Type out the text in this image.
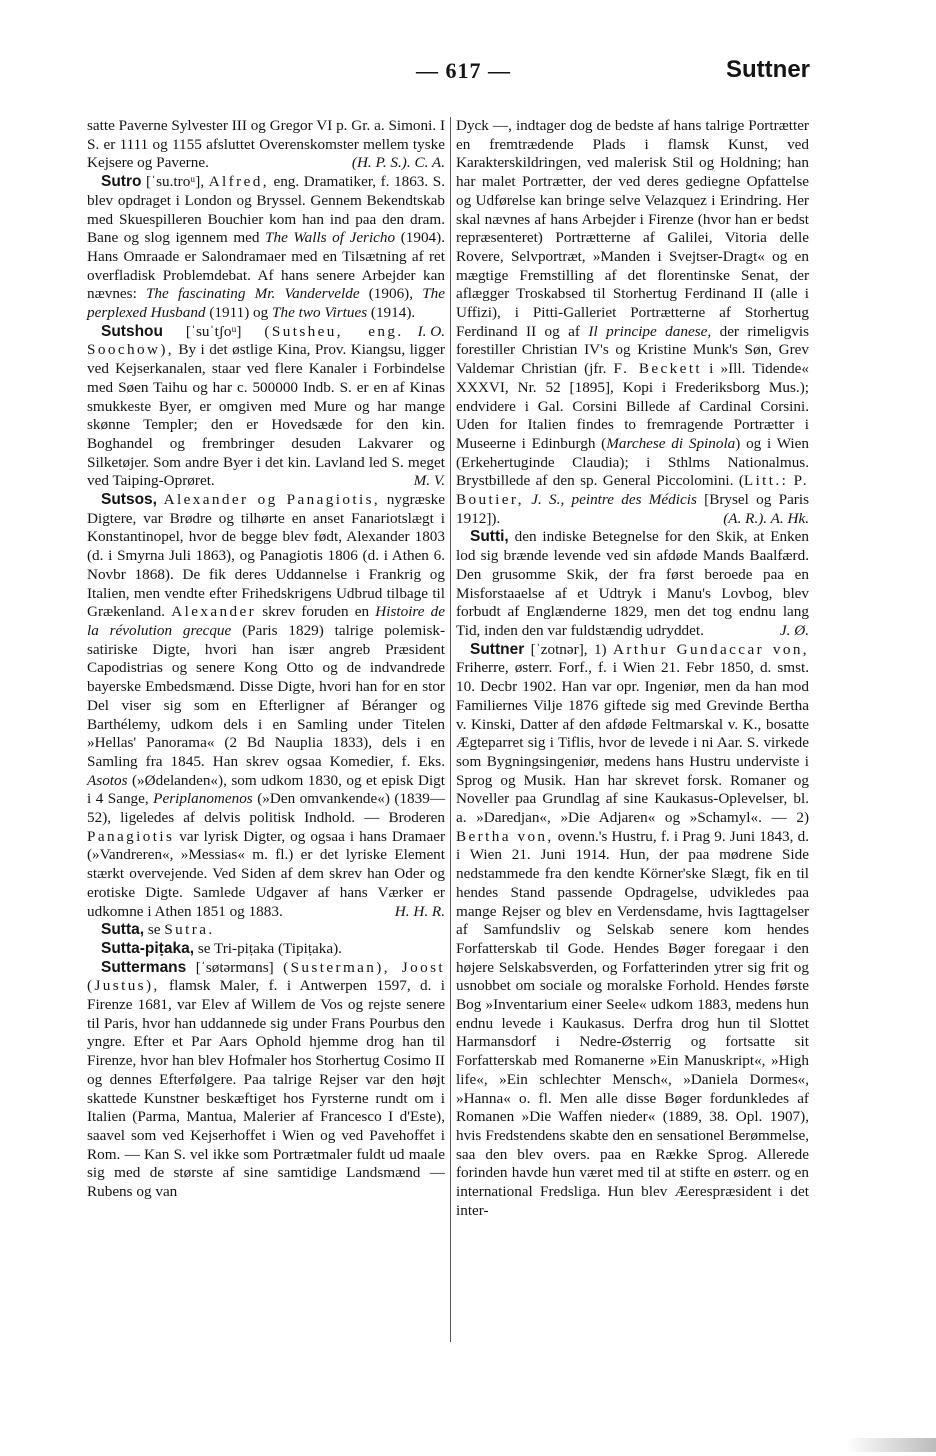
— 617 —	Suttner

satte Paverne Sylvester III og Gregor VI p. Gr. a. Simoni. I S. er 1111 og 1155 afsluttet Overenskomster mellem tyske Kejsere og Paverne.	(H. P. S.). C. A.

Sutro [ˈsu.troᵘ], Alfred, eng. Dramatiker, f. 1863. S. blev opdraget i London og Bryssel. Gennem Bekendtskab med Skuespilleren Bouchier kom han ind paa den dram. Bane og slog igennem med The Walls of Jericho (1904). Hans Omraade er Salondramaer med en Tilsætning af ret overfladisk Problemdebat. Af hans senere Arbejder kan nævnes: The fascinating Mr. Vandervelde (1906), The perplexed Husband (1911) og The two Virtues (1914).
I. O.

Sutshou [ˈsuˈtʃoᵘ] (Sutsheu, eng. Soochow), By i det østlige Kina, Prov. Kiangsu, ligger ved Kejserkanalen, staar ved flere Kanaler i Forbindelse med Søen Taihu og har c. 500000 Indb. S. er en af Kinas smukkeste Byer, er omgiven med Mure og har mange skønne Templer; den er Hovedsæde for den kin. Boghandel og frembringer desuden Lakvarer og Silketøjer. Som andre Byer i det kin. Lavland led S. meget ved Taiping-Oprøret.	M. V.

Sutsos, Alexander og Panagiotis, nygræske Digtere, var Brødre og tilhørte en anset Fanariotslægt i Konstantinopel, hvor de begge blev født, Alexander 1803 (d. i Smyrna Juli 1863), og Panagiotis 1806 (d. i Athen 6. Novbr 1868). De fik deres Uddannelse i Frankrig og Italien, men vendte efter Frihedskrigens Udbrud tilbage til Grækenland. Alexander skrev foruden en Histoire de la révolution grecque (Paris 1829) talrige polemisk-satiriske Digte, hvori han især angreb Præsident Capodistrias og senere Kong Otto og de indvandrede bayerske Embedsmænd. Disse Digte, hvori han for en stor Del viser sig som en Efterligner af Béranger og Barthélemy, udkom dels i en Samling under Titelen »Hellas' Panorama« (2 Bd Nauplia 1833), dels i en Samling fra 1845. Han skrev ogsaa Komedier, f. Eks. Asotos (»Ødelanden«), som udkom 1830, og et episk Digt i 4 Sange, Periplanomenos (»Den omvankende«) (1839—52), ligeledes af delvis politisk Indhold. — Broderen Panagiotis var lyrisk Digter, og ogsaa i hans Dramaer (»Vandreren«, »Messias« m. fl.) er det lyriske Element stærkt overvejende. Ved Siden af dem skrev han Oder og erotiske Digte. Samlede Udgaver af hans Værker er udkomne i Athen 1851 og 1883.	H. H. R.

Sutta, se Sutra.

Sutta-piṭaka, se Tri-piṭaka (Tipiṭaka).

Suttermans [ˈsøtərmɑns] (Susterman), Joost (Justus), flamsk Maler, f. i Antwerpen 1597, d. i Firenze 1681, var Elev af Willem de Vos og rejste senere til Paris, hvor han uddannede sig under Frans Pourbus den yngre. Efter et Par Aars Ophold hjemme drog han til Firenze, hvor han blev Hofmaler hos Storhertug Cosimo II og dennes Efterfølgere. Paa talrige Rejser var den højt skattede Kunstner beskæftiget hos Fyrsterne rundt om i Italien (Parma, Mantua, Malerier af Francesco I d'Este), saavel som ved Kejserhoffet i Wien og ved Pavehoffet i Rom. — Kan S. vel ikke som Portrætmaler fuldt ud maale sig med de største af sine samtidige Landsmænd — Rubens og van

Dyck —, indtager dog de bedste af hans talrige Portrætter en fremtrædende Plads i flamsk Kunst, ved Karakterskildringen, ved malerisk Stil og Holdning; han har malet Portrætter, der ved deres gediegne Opfattelse og Udførelse kan bringe selve Velazquez i Erindring. Her skal nævnes af hans Arbejder i Firenze (hvor han er bedst repræsenteret) Portrætterne af Galilei, Vitoria delle Rovere, Selvportræt, »Manden i Svejtser-Dragt« og en mægtige Fremstilling af det florentinske Senat, der aflægger Troskabsed til Storhertug Ferdinand II (alle i Uffizi), i Pitti-Galleriet Portrætterne af Storhertug Ferdinand II og af Il principe danese, der rimeligvis forestiller Christian IV's og Kristine Munk's Søn, Grev Valdemar Christian (jfr. F. Beckett i »Ill. Tidende« XXXVI, Nr. 52 [1895], Kopi i Frederiksborg Mus.); endvidere i Gal. Corsini Billede af Cardinal Corsini. Uden for Italien findes to fremragende Portrætter i Museerne i Edinburgh (Marchese di Spinola) og i Wien (Erkehertuginde Claudia); i Sthlms Nationalmus. Brystbillede af den sp. General Piccolomini. (Litt.: P. Boutier, J. S., peintre des Médicis [Brysel og Paris 1912]).	(A. R.). A. Hk.

Sutti, den indiske Betegnelse for den Skik, at Enken lod sig brænde levende ved sin afdøde Mands Baalfærd. Den grusomme Skik, der fra først beroede paa en Misforstaaelse af et Udtryk i Manu's Lovbog, blev forbudt af Englænderne 1829, men det tog endnu lang Tid, inden den var fuldstændig udryddet.	J. Ø.

Suttner [ˈzotnər], 1) Arthur Gundaccar von, Friherre, østerr. Forf., f. i Wien 21. Febr 1850, d. smst. 10. Decbr 1902. Han var opr. Ingeniør, men da han mod Familiernes Vilje 1876 giftede sig med Grevinde Bertha v. Kinski, Datter af den afdøde Feltmarskal v. K., bosatte Ægteparret sig i Tiflis, hvor de levede i ni Aar. S. virkede som Bygningsingeniør, medens hans Hustru underviste i Sprog og Musik. Han har skrevet forsk. Romaner og Noveller paa Grundlag af sine Kaukasus-Oplevelser, bl. a. »Daredjan«, »Die Adjaren« og »Schamyl«. — 2) Bertha von, ovenn.'s Hustru, f. i Prag 9. Juni 1843, d. i Wien 21. Juni 1914. Hun, der paa mødrene Side nedstammede fra den kendte Körner'ske Slægt, fik en til hendes Stand passende Opdragelse, udvikledes paa mange Rejser og blev en Verdensdame, hvis Iagttagelser af Samfundsliv og Selskab senere kom hendes Forfatterskab til Gode. Hendes Bøger foregaar i den højere Selskabsverden, og Forfatterinden ytrer sig frit og usnobbet om sociale og moralske Forhold. Hendes første Bog »Inventarium einer Seele« udkom 1883, medens hun endnu levede i Kaukasus. Derfra drog hun til Slottet Harmansdorf i Nedre-Østerrig og fortsatte sit Forfatterskab med Romanerne »Ein Manuskript«, »High life«, »Ein schlechter Mensch«, »Daniela Dormes«, »Hanna« o. fl. Men alle disse Bøger fordunkledes af Romanen »Die Waffen nieder« (1889, 38. Opl. 1907), hvis Fredstendens skabte den en sensationel Berømmelse, saa den blev overs. paa en Række Sprog. Allerede forinden havde hun været med til at stifte en østerr. og en international Fredsliga. Hun blev Æerespræsident i det inter-
